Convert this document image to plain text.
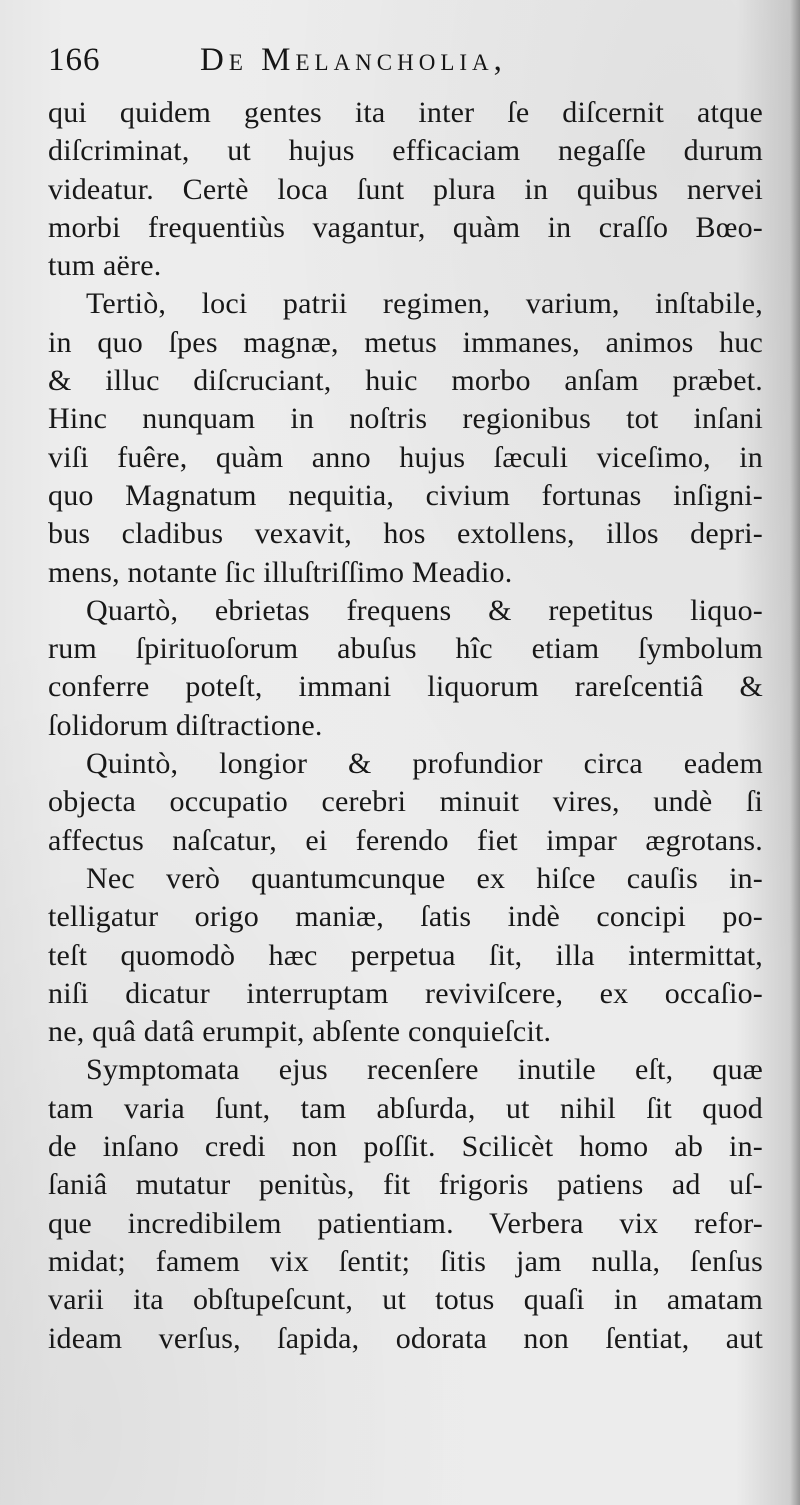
166	De Melancholia,
qui quidem gentes ita inter ſe diſcernit atque
diſcriminat, ut hujus efficaciam negaſſe durum
videatur. Certè loca ſunt plura in quibus nervei
morbi frequentiùs vagantur, quàm in craſſo Bœo-
tum aëre.
Tertiò, loci patrii regimen, varium, inſtabile,
in quo ſpes magnæ, metus immanes, animos huc
& illuc diſcruciant, huic morbo anſam præbet.
Hinc nunquam in noſtris regionibus tot inſani
viſi fuêre, quàm anno hujus ſæculi viceſimo, in
quo Magnatum nequitia, civium fortunas inſigni-
bus cladibus vexavit, hos extollens, illos depri-
mens, notante ſic illuſtriſſimo Meadio.
Quartò, ebrietas frequens & repetitus liquo-
rum ſpirituoſorum abuſus hîc etiam ſymbolum
conferre poteſt, immani liquorum rareſcentiâ &
ſolidorum diſtractione.
Quintò, longior & profundior circa eadem
objecta occupatio cerebri minuit vires, undè ſi
affectus naſcatur, ei ferendo fiet impar ægrotans.
Nec verò quantumcunque ex hiſce cauſis in-
telligatur origo maniæ, ſatis indè concipi po-
teſt quomodò hæc perpetua ſit, illa intermittat,
niſi dicatur interruptam reviviſcere, ex occaſio-
ne, quâ datâ erumpit, abſente conquieſcit.
Symptomata ejus recenſere inutile eſt, quæ
tam varia ſunt, tam abſurda, ut nihil ſit quod
de inſano credi non poſſit. Scilicèt homo ab in-
ſaniâ mutatur penitùs, fit frigoris patiens ad uſ-
que incredibilem patientiam. Verbera vix refor-
midat; famem vix ſentit; ſitis jam nulla, ſenſus
varii ita obſtupeſcunt, ut totus quaſi in amatam
ideam verſus, ſapida, odorata non ſentiat, aut
